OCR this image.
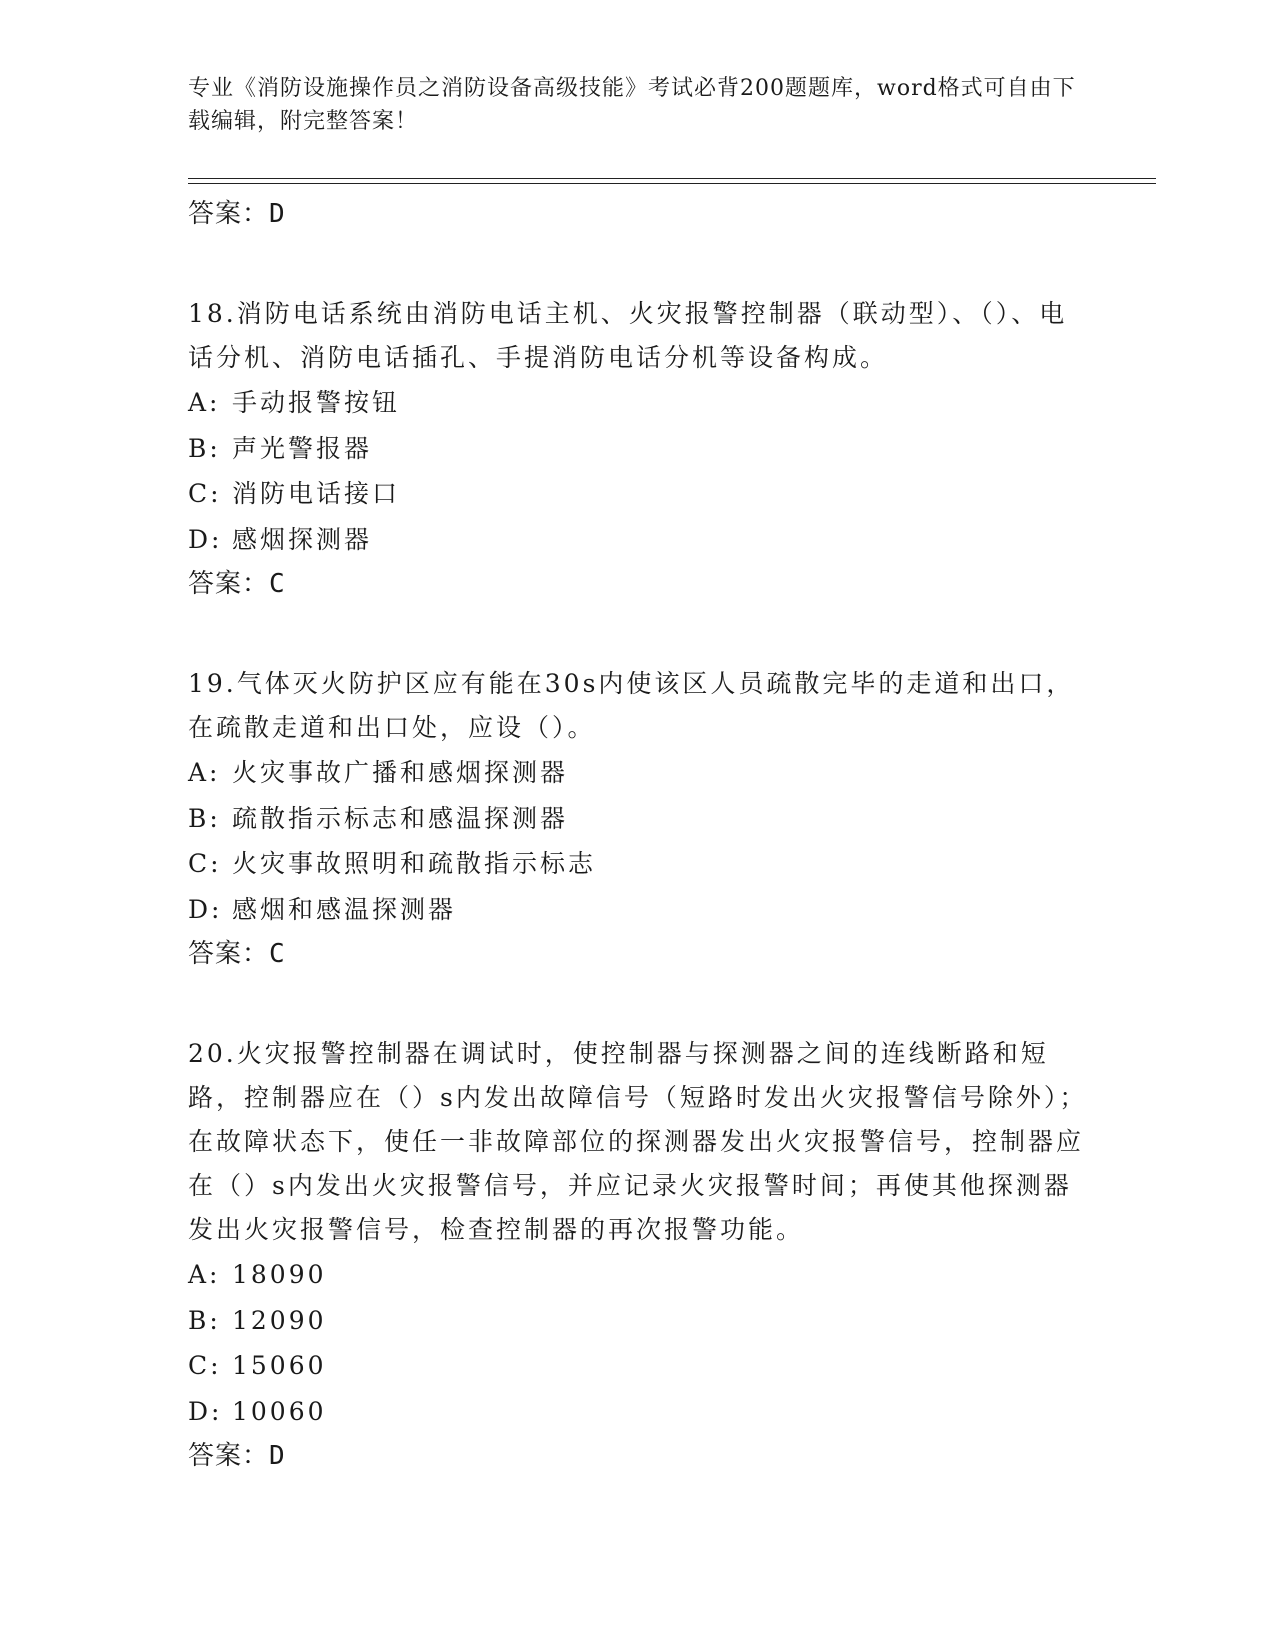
专业《消防设施操作员之消防设备高级技能》考试必背200题题库，word格式可自由下载编辑，附完整答案！
答案：D
18.消防电话系统由消防电话主机、火灾报警控制器（联动型）、（）、电话分机、消防电话插孔、手提消防电话分机等设备构成。
A: 手动报警按钮
B: 声光警报器
C: 消防电话接口
D: 感烟探测器
答案：C
19.气体灭火防护区应有能在30s内使该区人员疏散完毕的走道和出口，在疏散走道和出口处，应设（）。
A: 火灾事故广播和感烟探测器
B: 疏散指示标志和感温探测器
C: 火灾事故照明和疏散指示标志
D: 感烟和感温探测器
答案：C
20.火灾报警控制器在调试时，使控制器与探测器之间的连线断路和短路，控制器应在（）s内发出故障信号（短路时发出火灾报警信号除外）；在故障状态下，使任一非故障部位的探测器发出火灾报警信号，控制器应在（）s内发出火灾报警信号，并应记录火灾报警时间；再使其他探测器发出火灾报警信号，检查控制器的再次报警功能。
A: 18090
B: 12090
C: 15060
D: 10060
答案：D
